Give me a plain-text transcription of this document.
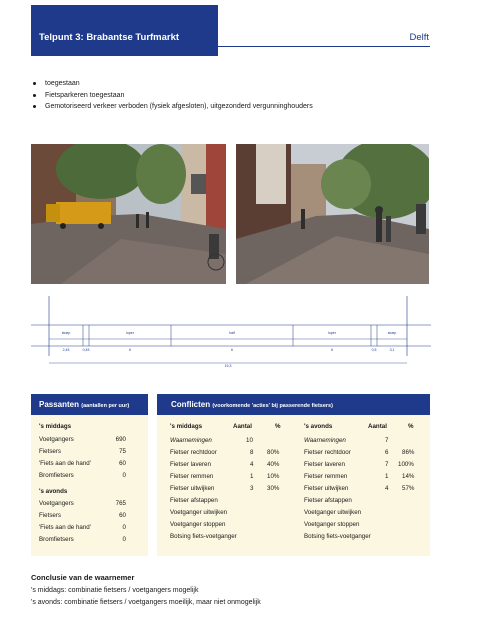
Telpunt 3: Brabantse Turfmarkt	Delft
toegestaan
Fietsparkeren toegestaan
Gemotoriseerd verkeer verboden (fysiek afgesloten), uitgezonderd vergunninghouders
stoep	loper	half	loper	stoep
2,45	0,45	6	6	6	0,5	3,1
19,3
Passanten (aantallen per uur)
's middags
Voetgangers	690
Fietsers	75
'Fiets aan de hand'	60
Bromfietsers	0
's avonds
Voetgangers	765
Fietsers	60
'Fiets aan de hand'	0
Bromfietsers	0
Conflicten (voorkomende 'acties' bij passerende fietsers)
's middags	Aantal	%
Waarnemingen	10
Fietser rechtdoor	8 80%
Fietser laveren	4 40%
Fietser remmen	1 10%
Fietser uitwijken	3 30%
Fietser afstappen
Voetganger uitwijken
Voetganger stoppen
Botsing fiets-voetganger
's avonds	Aantal	%
Waarnemingen	7
Fietser rechtdoor	6 86%
Fietser laveren	7 100%
Fietser remmen	1 14%
Fietser uitwijken	4 57%
Fietser afstappen
Voetganger uitwijken
Voetganger stoppen
Botsing fiets-voetganger
Conclusie van de waarnemer
's middags: combinatie fietsers / voetgangers mogelijk
's avonds: combinatie fietsers / voetgangers moeilijk, maar niet onmogelijk
